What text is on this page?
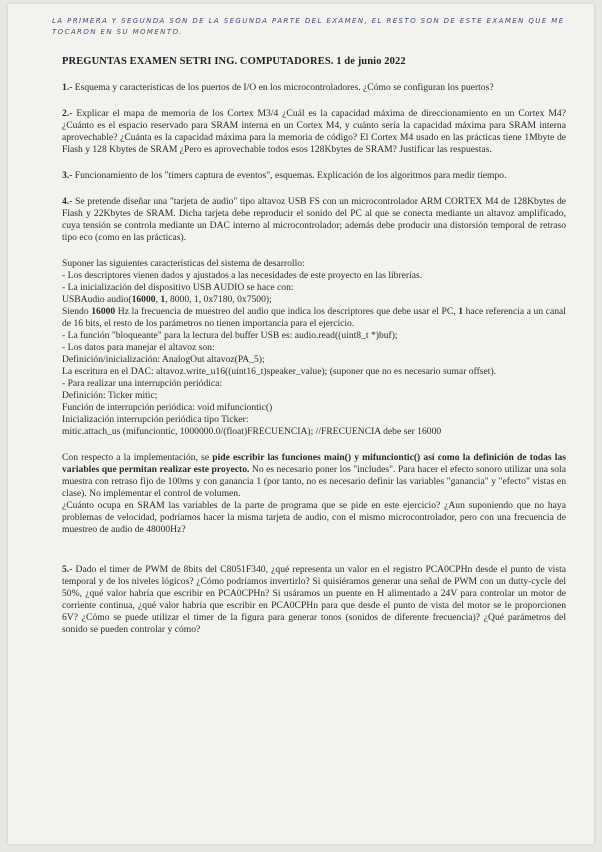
LA PRIMERA Y SEGUNDA SON DE LA SEGUNDA PARTE DEL EXAMEN, EL RESTO SON DE ESTE EXAMEN QUE ME TOCARON EN SU MOMENTO.
PREGUNTAS EXAMEN SETRI ING. COMPUTADORES. 1 de junio 2022

1.- Esquema y características de los puertos de I/O en los microcontroladores. ¿Cómo se configuran los puertos?

2.- Explicar el mapa de memoria de los Cortex M3/4 ¿Cuál es la capacidad máxima de direccionamiento en un Cortex M4? ¿Cuánto es el espacio reservado para SRAM interna en un Cortex M4, y cuánto sería la capacidad máxima para SRAM interna aprovechable? ¿Cuánta es la capacidad máxima para la memoria de código? El Cortex M4 usado en las prácticas tiene 1Mbyte de Flash y 128 Kbytes de SRAM ¿Pero es aprovechable todos esos 128Kbytes de SRAM? Justificar las respuestas.

3.- Funcionamiento de los "timers captura de eventos", esquemas. Explicación de los algoritmos para medir tiempo.

4.- Se pretende diseñar una "tarjeta de audio" tipo altavoz USB FS con un microcontrolador ARM CORTEX M4 de 128Kbytes de Flash y 22Kbytes de SRAM. Dicha tarjeta debe reproducir el sonido del PC al que se conecta mediante un altavoz amplificado, cuya tensión se controla mediante un DAC interno al microcontrolador; además debe producir una distorsión temporal de retraso tipo eco (como en las prácticas).

Suponer las siguientes características del sistema de desarrollo:
- Los descriptores vienen dados y ajustados a las necesidades de este proyecto en las librerías.
- La inicialización del dispositivo USB AUDIO se hace con:
USBAudio audio(16000, 1, 8000, 1, 0x7180, 0x7500);
Siendo 16000 Hz la frecuencia de muestreo del audio que indica los descriptores que debe usar el PC, 1 hace referencia a un canal de 16 bits, el resto de los parámetros no tienen importancia para el ejercicio.
- La función "bloqueante" para la lectura del buffer USB es: audio.read((uint8_t *)buf);
- Los datos para manejar el altavoz son:
Definición/inicialización: AnalogOut altavoz(PA_5);
La escritura en el DAC: altavoz.write_u16((uint16_t)speaker_value); (suponer que no es necesario sumar offset).
- Para realizar una interrupción periódica:
Definición: Ticker mitic;
Función de interrupción periódica: void mifunciontic()
Inicialización interrupción periódica tipo Ticker:
mitic.attach_us (mifunciontic, 1000000.0/(float)FRECUENCIA); //FRECUENCIA debe ser 16000

Con respecto a la implementación, se pide escribir las funciones main() y mifunciontic() así como la definición de todas las variables que permitan realizar este proyecto. No es necesario poner los "includes". Para hacer el efecto sonoro utilizar una sola muestra con retraso fijo de 100ms y con ganancia 1 (por tanto, no es necesario definir las variables "ganancia" y "efecto" vistas en clase). No implementar el control de volumen.

¿Cuánto ocupa en SRAM las variables de la parte de programa que se pide en este ejercicio? ¿Aun suponiendo que no haya problemas de velocidad, podríamos hacer la misma tarjeta de audio, con el mismo microcontrolador, pero con una frecuencia de muestreo de audio de 48000Hz?

5.- Dado el timer de PWM de 8bits del C8051F340, ¿qué representa un valor en el registro PCA0CPHn desde el punto de vista temporal y de los niveles lógicos? ¿Cómo podríamos invertirlo? Si quisiéramos generar una señal de PWM con un dutty-cycle del 50%, ¿qué valor habría que escribir en PCA0CPHn? Si usáramos un puente en H alimentado a 24V para controlar un motor de corriente continua, ¿qué valor habría que escribir en PCA0CPHn para que desde el punto de vista del motor se le proporcionen 6V? ¿Cómo se puede utilizar el timer de la figura para generar tonos (sonidos de diferente frecuencia)? ¿Qué parámetros del sonido se pueden controlar y cómo?
